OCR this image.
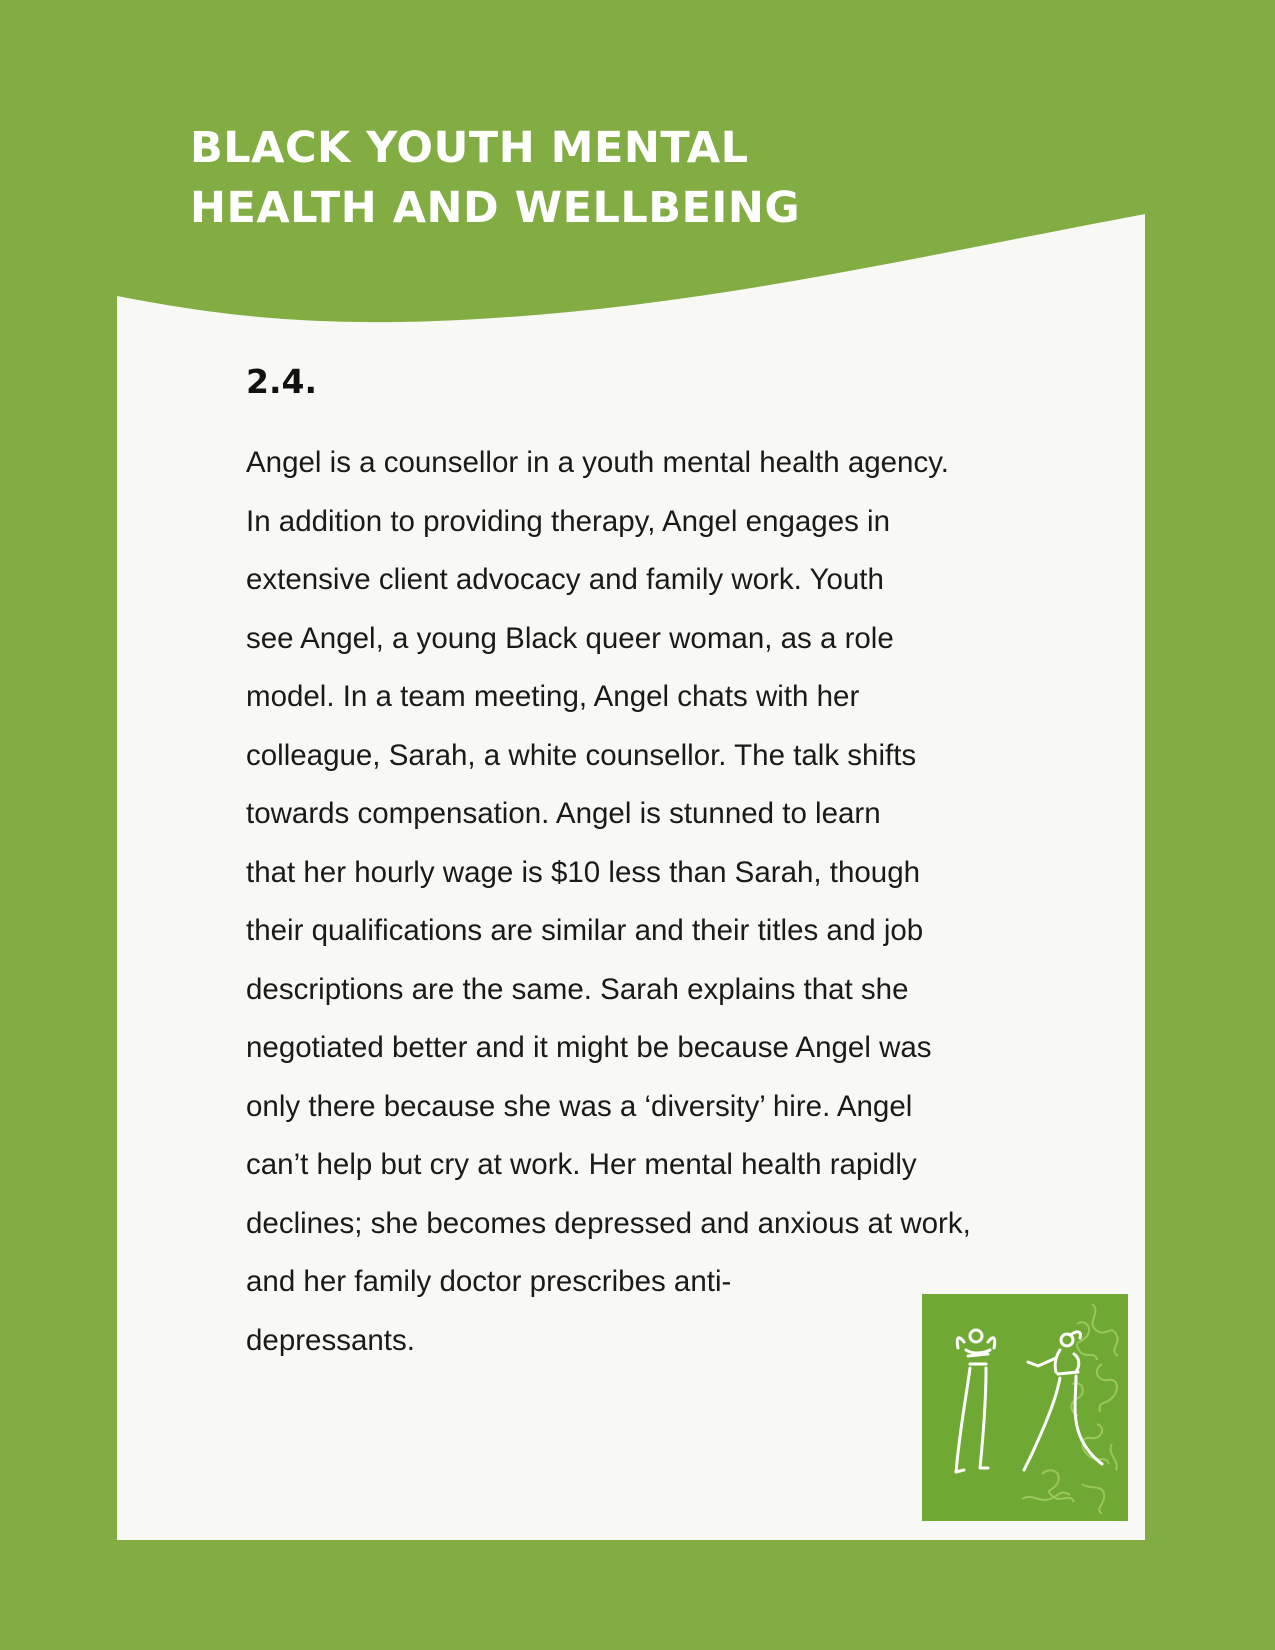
BLACK YOUTH MENTAL
HEALTH AND WELLBEING
2.4.
Angel is a counsellor in a youth mental health agency.
In addition to providing therapy, Angel engages in
extensive client advocacy and family work. Youth
see Angel, a young Black queer woman, as a role
model. In a team meeting, Angel chats with her
colleague, Sarah, a white counsellor. The talk shifts
towards compensation. Angel is stunned to learn
that her hourly wage is $10 less than Sarah, though
their qualifications are similar and their titles and job
descriptions are the same. Sarah explains that she
negotiated better and it might be because Angel was
only there because she was a ‘diversity’ hire. Angel
can’t help but cry at work. Her mental health rapidly
declines; she becomes depressed and anxious at work,
and her family doctor prescribes anti-
depressants.
